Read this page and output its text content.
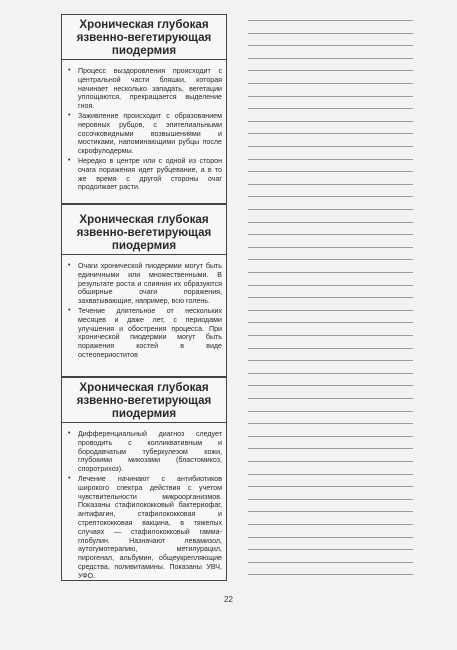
Хроническая глубокая язвенно-вегетирующая пиодермия
• Процесс выздоровления происходит с центральной части бляшки, которая начинает несколько западать, вегетации уплощаются, прекращается выделение гноя.
• Заживление происходит с образованием неровных рубцов, с эпителиальными сосочковидными возвышениями и мостиками, напоминающими рубцы после скрофулодермы.
• Нередко в центре или с одной из сторон очага поражения идет рубцевание, а в то же время с другой стороны очаг продолжает расти.
Хроническая глубокая язвенно-вегетирующая пиодермия
• Очаги хронической пиодермии могут быть единичными или множественными. В результате роста и слияния их образуются обширные очаги поражения, захватывающие, например, всю голень.
• Течение длительное от нескольких месяцев и даже лет, с периодами улучшения и обострения процесса. При хронической пиодермии могут быть поражения костей в виде остеопериоститов
Хроническая глубокая язвенно-вегетирующая пиодермия
• Дифференциальный диагноз следует проводить с колликвативным и бородавчатым туберкулезом кожи, глубокими микозами (бластомикоз, споротрихоз).
• Лечение начинают с антибиотиков широкого спектра действия с учетом чувствительности микроорганизмов. Показаны стафилококковый бактериофаг, антифагин, стафилококковая и стрептококковая вакцина, в тяжелых случаях — стафилококковый гамма-глобулин. Назначают левамизол, аутогумотерапию, метилурацил, пирогенал, альбумин, общеукрепляющие средства, поливитамины. Показаны УВЧ, УФО.
22
